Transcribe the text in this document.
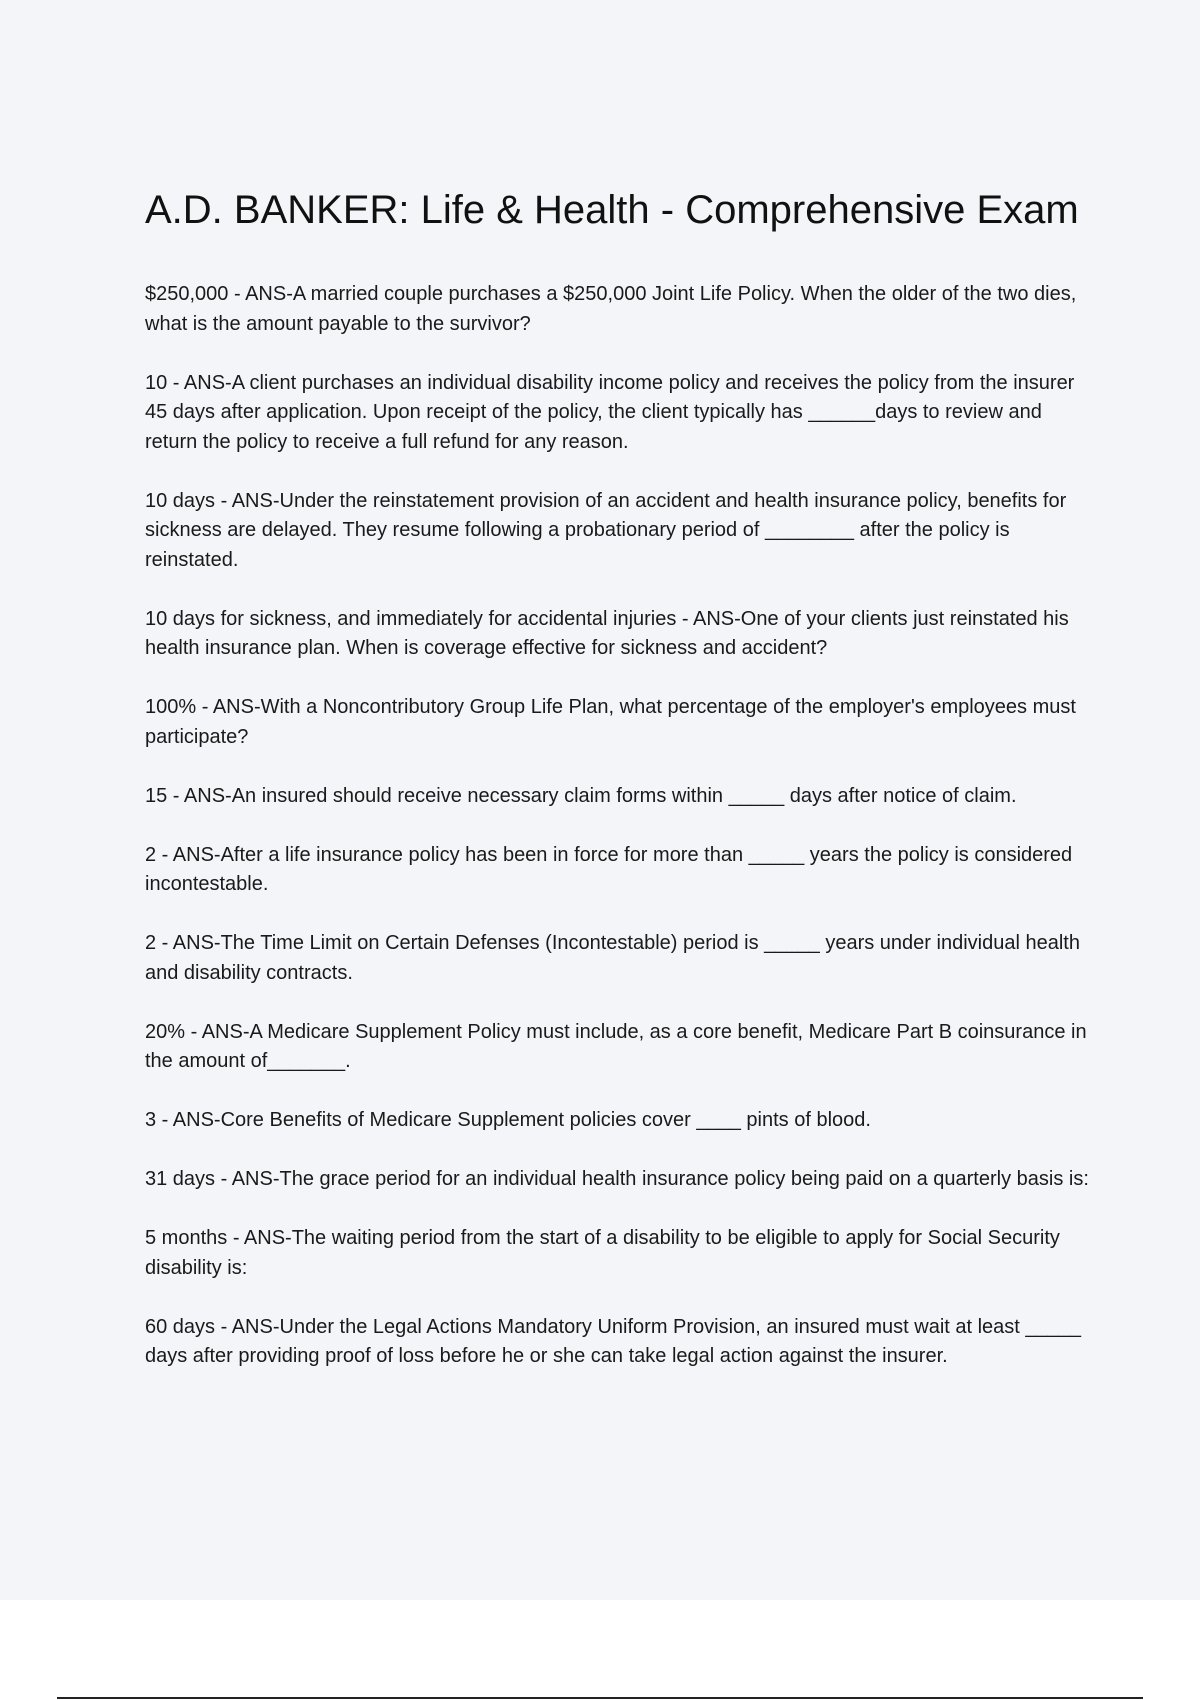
A.D. BANKER: Life & Health - Comprehensive Exam
$250,000 - ANS-A married couple purchases a $250,000 Joint Life Policy. When the older of the two dies, what is the amount payable to the survivor?
10 - ANS-A client purchases an individual disability income policy and receives the policy from the insurer 45 days after application. Upon receipt of the policy, the client typically has ______days to review and return the policy to receive a full refund for any reason.
10 days - ANS-Under the reinstatement provision of an accident and health insurance policy, benefits for sickness are delayed. They resume following a probationary period of ________ after the policy is reinstated.
10 days for sickness, and immediately for accidental injuries - ANS-One of your clients just reinstated his health insurance plan. When is coverage effective for sickness and accident?
100% - ANS-With a Noncontributory Group Life Plan, what percentage of the employer's employees must participate?
15 - ANS-An insured should receive necessary claim forms within _____ days after notice of claim.
2 - ANS-After a life insurance policy has been in force for more than _____ years the policy is considered incontestable.
2 - ANS-The Time Limit on Certain Defenses (Incontestable) period is _____ years under individual health and disability contracts.
20% - ANS-A Medicare Supplement Policy must include, as a core benefit, Medicare Part B coinsurance in the amount of_______.
3 - ANS-Core Benefits of Medicare Supplement policies cover ____ pints of blood.
31 days - ANS-The grace period for an individual health insurance policy being paid on a quarterly basis is:
5 months - ANS-The waiting period from the start of a disability to be eligible to apply for Social Security disability is:
60 days - ANS-Under the Legal Actions Mandatory Uniform Provision, an insured must wait at least _____ days after providing proof of loss before he or she can take legal action against the insurer.
